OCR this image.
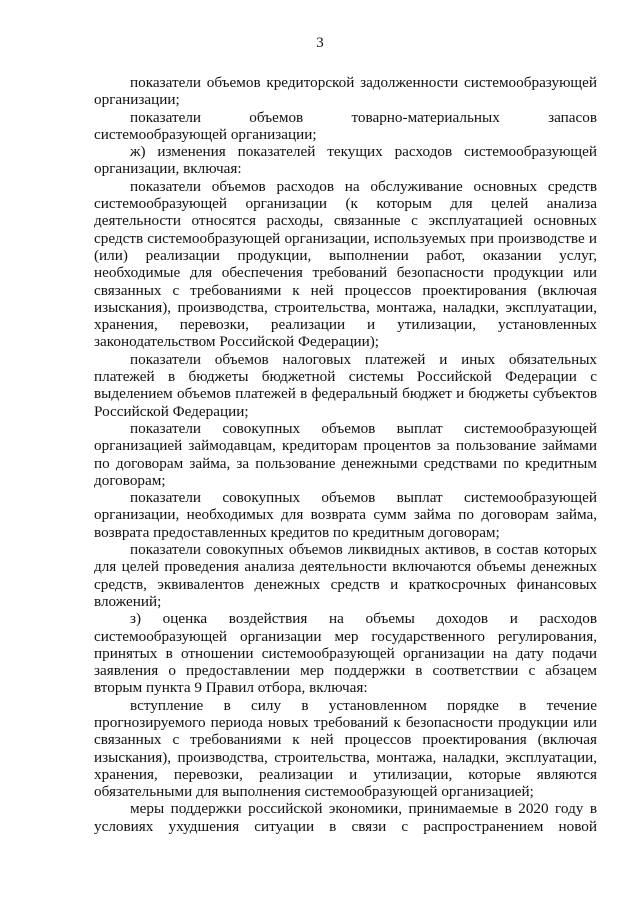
3

показатели объемов кредиторской задолженности системообразующей организации;

показатели объемов товарно-материальных запасов системообразующей организации;

ж) изменения показателей текущих расходов системообразующей организации, включая:

показатели объемов расходов на обслуживание основных средств системообразующей организации (к которым для целей анализа деятельности относятся расходы, связанные с эксплуатацией основных средств системообразующей организации, используемых при производстве и (или) реализации продукции, выполнении работ, оказании услуг, необходимые для обеспечения требований безопасности продукции или связанных с требованиями к ней процессов проектирования (включая изыскания), производства, строительства, монтажа, наладки, эксплуатации, хранения, перевозки, реализации и утилизации, установленных законодательством Российской Федерации);

показатели объемов налоговых платежей и иных обязательных платежей в бюджеты бюджетной системы Российской Федерации с выделением объемов платежей в федеральный бюджет и бюджеты субъектов Российской Федерации;

показатели совокупных объемов выплат системообразующей организацией займодавцам, кредиторам процентов за пользование займами по договорам займа, за пользование денежными средствами по кредитным договорам;

показатели совокупных объемов выплат системообразующей организации, необходимых для возврата сумм займа по договорам займа, возврата предоставленных кредитов по кредитным договорам;

показатели совокупных объемов ликвидных активов, в состав которых для целей проведения анализа деятельности включаются объемы денежных средств, эквивалентов денежных средств и краткосрочных финансовых вложений;

з) оценка воздействия на объемы доходов и расходов системообразующей организации мер государственного регулирования, принятых в отношении системообразующей организации на дату подачи заявления о предоставлении мер поддержки в соответствии с абзацем вторым пункта 9 Правил отбора, включая:

вступление в силу в установленном порядке в течение прогнозируемого периода новых требований к безопасности продукции или связанных с требованиями к ней процессов проектирования (включая изыскания), производства, строительства, монтажа, наладки, эксплуатации, хранения, перевозки, реализации и утилизации, которые являются обязательными для выполнения системообразующей организацией;

меры поддержки российской экономики, принимаемые в 2020 году в условиях ухудшения ситуации в связи с распространением новой
